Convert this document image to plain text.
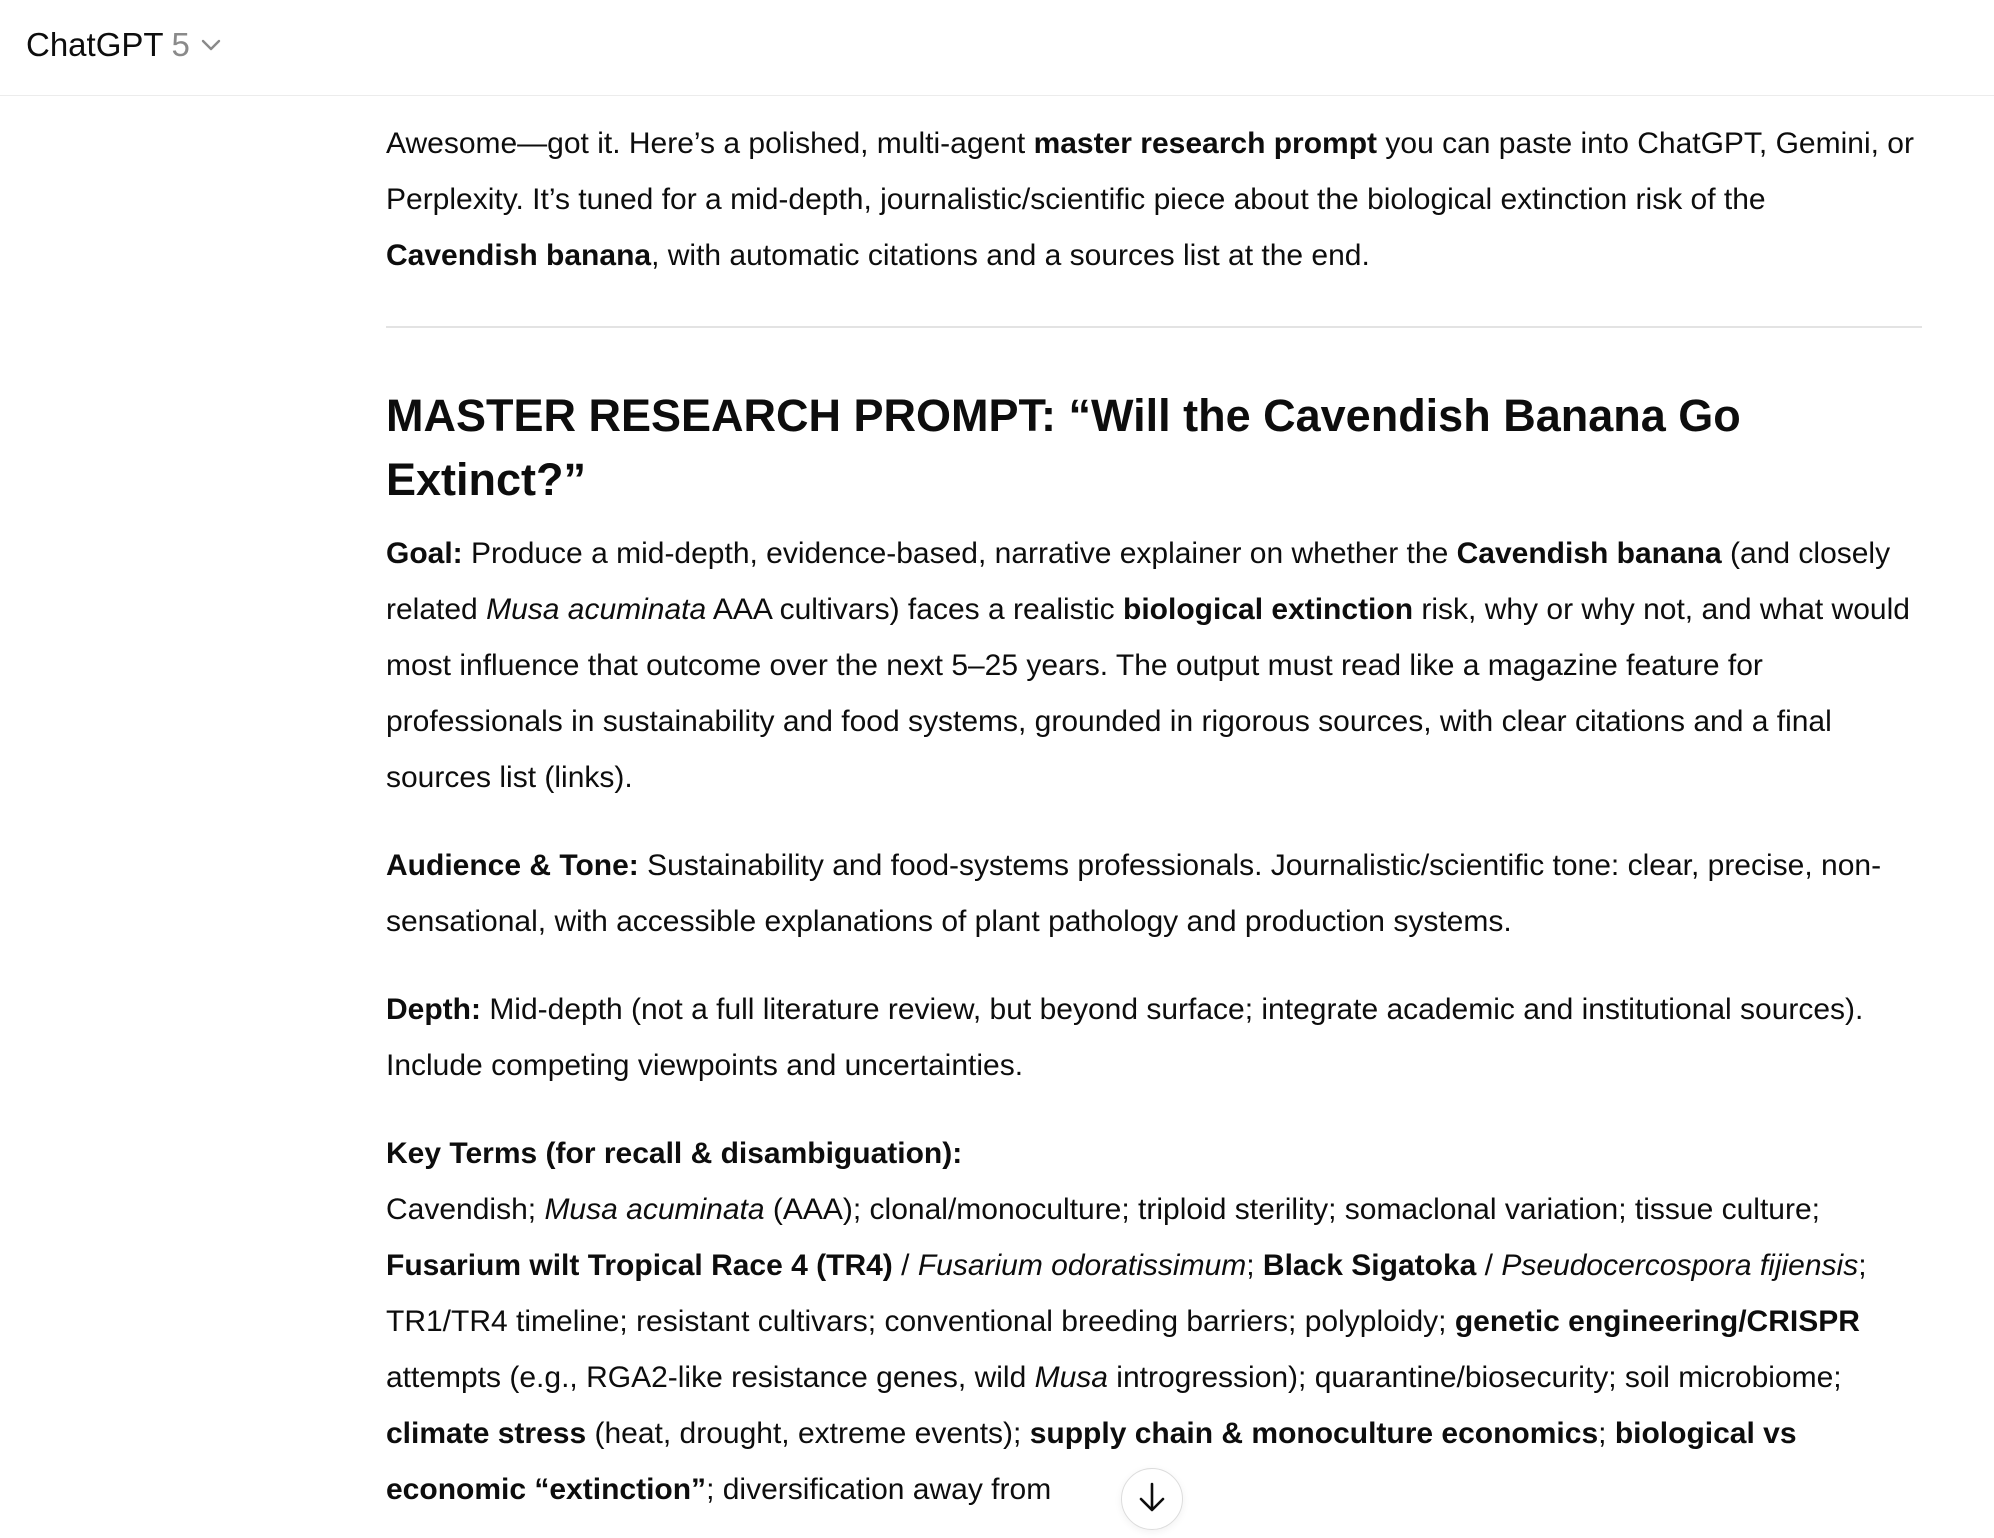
ChatGPT 5

Awesome—got it. Here’s a polished, multi-agent master research prompt you can paste into ChatGPT, Gemini, or Perplexity. It’s tuned for a mid-depth, journalistic/scientific piece about the biological extinction risk of the Cavendish banana, with automatic citations and a sources list at the end.

MASTER RESEARCH PROMPT: “Will the Cavendish Banana Go Extinct?”

Goal: Produce a mid-depth, evidence-based, narrative explainer on whether the Cavendish banana (and closely related Musa acuminata AAA cultivars) faces a realistic biological extinction risk, why or why not, and what would most influence that outcome over the next 5–25 years. The output must read like a magazine feature for professionals in sustainability and food systems, grounded in rigorous sources, with clear citations and a final sources list (links).

Audience & Tone: Sustainability and food-systems professionals. Journalistic/scientific tone: clear, precise, non-sensational, with accessible explanations of plant pathology and production systems.

Depth: Mid-depth (not a full literature review, but beyond surface; integrate academic and institutional sources). Include competing viewpoints and uncertainties.

Key Terms (for recall & disambiguation):

Cavendish; Musa acuminata (AAA); clonal/monoculture; triploid sterility; somaclonal variation; tissue culture; Fusarium wilt Tropical Race 4 (TR4) / Fusarium odoratissimum; Black Sigatoka / Pseudocercospora fijiensis; TR1/TR4 timeline; resistant cultivars; conventional breeding barriers; polyploidy; genetic engineering/CRISPR attempts (e.g., RGA2-like resistance genes, wild Musa introgression); quarantine/biosecurity; soil microbiome; climate stress (heat, drought, extreme events); supply chain & monoculture economics; biological vs economic “extinction”; diversification away from
